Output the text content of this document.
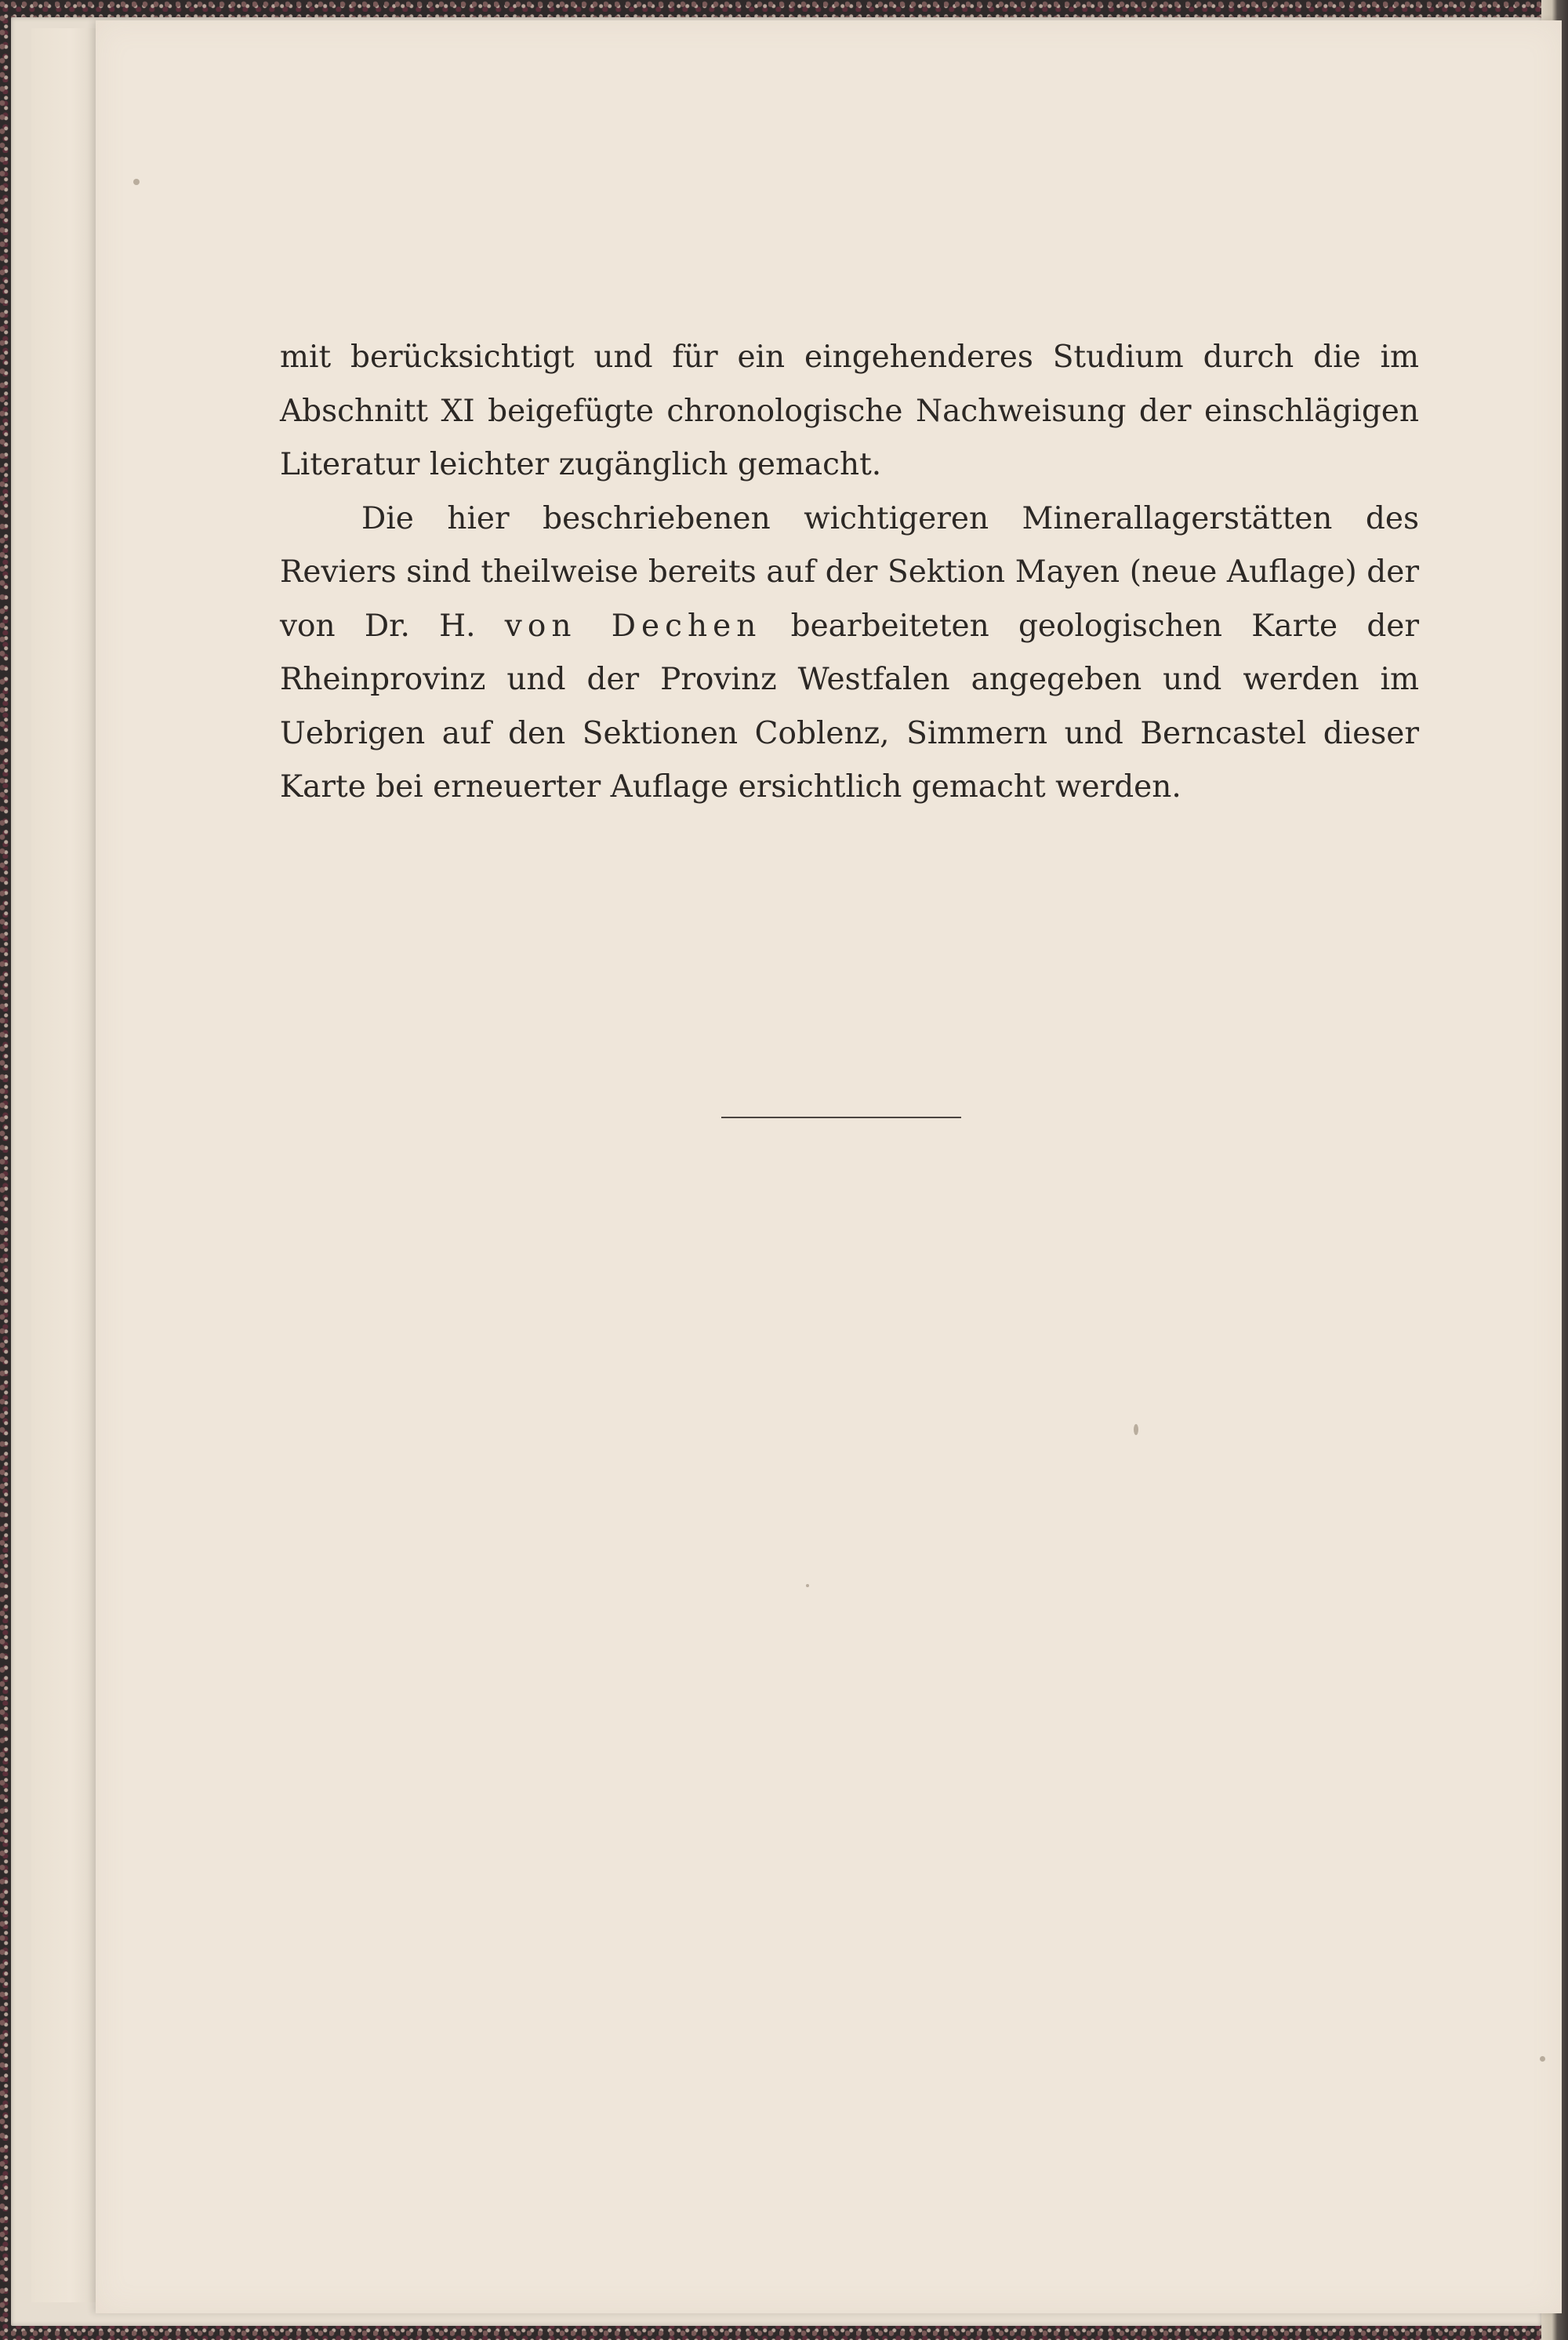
mit berücksichtigt und für ein eingehenderes Studium durch die im Abschnitt XI beigefügte chronologische Nachweisung der einschlägigen Literatur leichter zugänglich gemacht.

Die hier beschriebenen wichtigeren Minerallagerstätten des Reviers sind theilweise bereits auf der Sektion Mayen (neue Auflage) der von Dr. H. von Dechen bearbeiteten geologischen Karte der Rheinprovinz und der Provinz Westfalen angegeben und werden im Uebrigen auf den Sektionen Coblenz, Simmern und Berncastel dieser Karte bei erneuerter Auflage ersichtlich gemacht werden.
